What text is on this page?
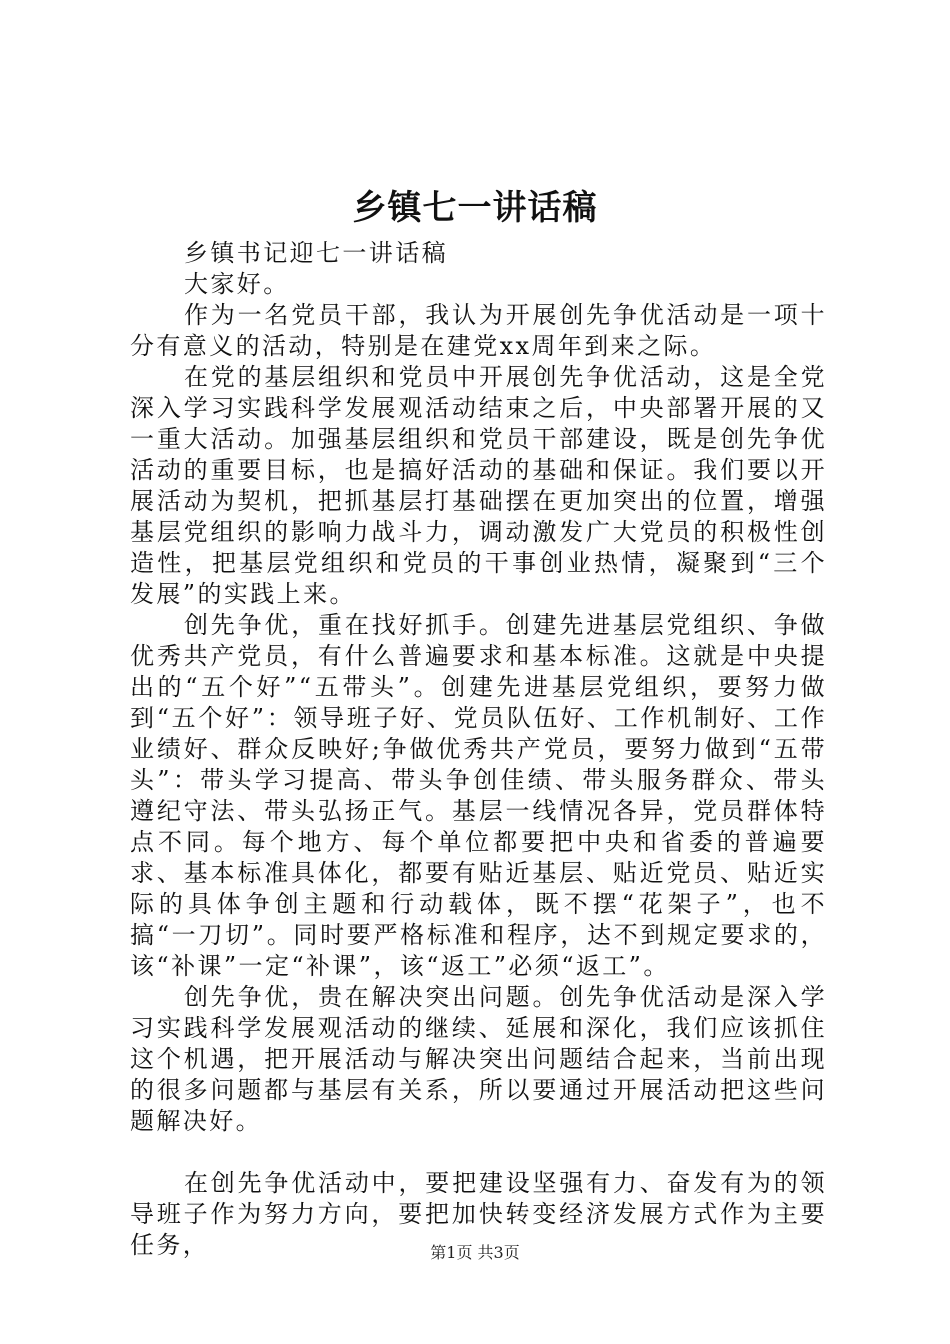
乡镇七一讲话稿

乡镇书记迎七一讲话稿

大家好。

作为一名党员干部，我认为开展创先争优活动是一项十分有意义的活动，特别是在建党xx周年到来之际。

在党的基层组织和党员中开展创先争优活动，这是全党深入学习实践科学发展观活动结束之后，中央部署开展的又一重大活动。加强基层组织和党员干部建设，既是创先争优活动的重要目标，也是搞好活动的基础和保证。我们要以开展活动为契机，把抓基层打基础摆在更加突出的位置，增强基层党组织的影响力战斗力，调动激发广大党员的积极性创造性，把基层党组织和党员的干事创业热情，凝聚到“三个发展”的实践上来。

创先争优，重在找好抓手。创建先进基层党组织、争做优秀共产党员，有什么普遍要求和基本标准。这就是中央提出的“五个好”“五带头”。创建先进基层党组织，要努力做到“五个好”：领导班子好、党员队伍好、工作机制好、工作业绩好、群众反映好;争做优秀共产党员，要努力做到“五带头”：带头学习提高、带头争创佳绩、带头服务群众、带头遵纪守法、带头弘扬正气。基层一线情况各异，党员群体特点不同。每个地方、每个单位都要把中央和省委的普遍要求、基本标准具体化，都要有贴近基层、贴近党员、贴近实际的具体争创主题和行动载体，既不摆“花架子”，也不搞“一刀切”。同时要严格标准和程序，达不到规定要求的，该“补课”一定“补课”，该“返工”必须“返工”。

创先争优，贵在解决突出问题。创先争优活动是深入学习实践科学发展观活动的继续、延展和深化，我们应该抓住这个机遇，把开展活动与解决突出问题结合起来，当前出现的很多问题都与基层有关系，所以要通过开展活动把这些问题解决好。

在创先争优活动中，要把建设坚强有力、奋发有为的领导班子作为努力方向，要把加快转变经济发展方式作为主要任务，	第1页 共3页
